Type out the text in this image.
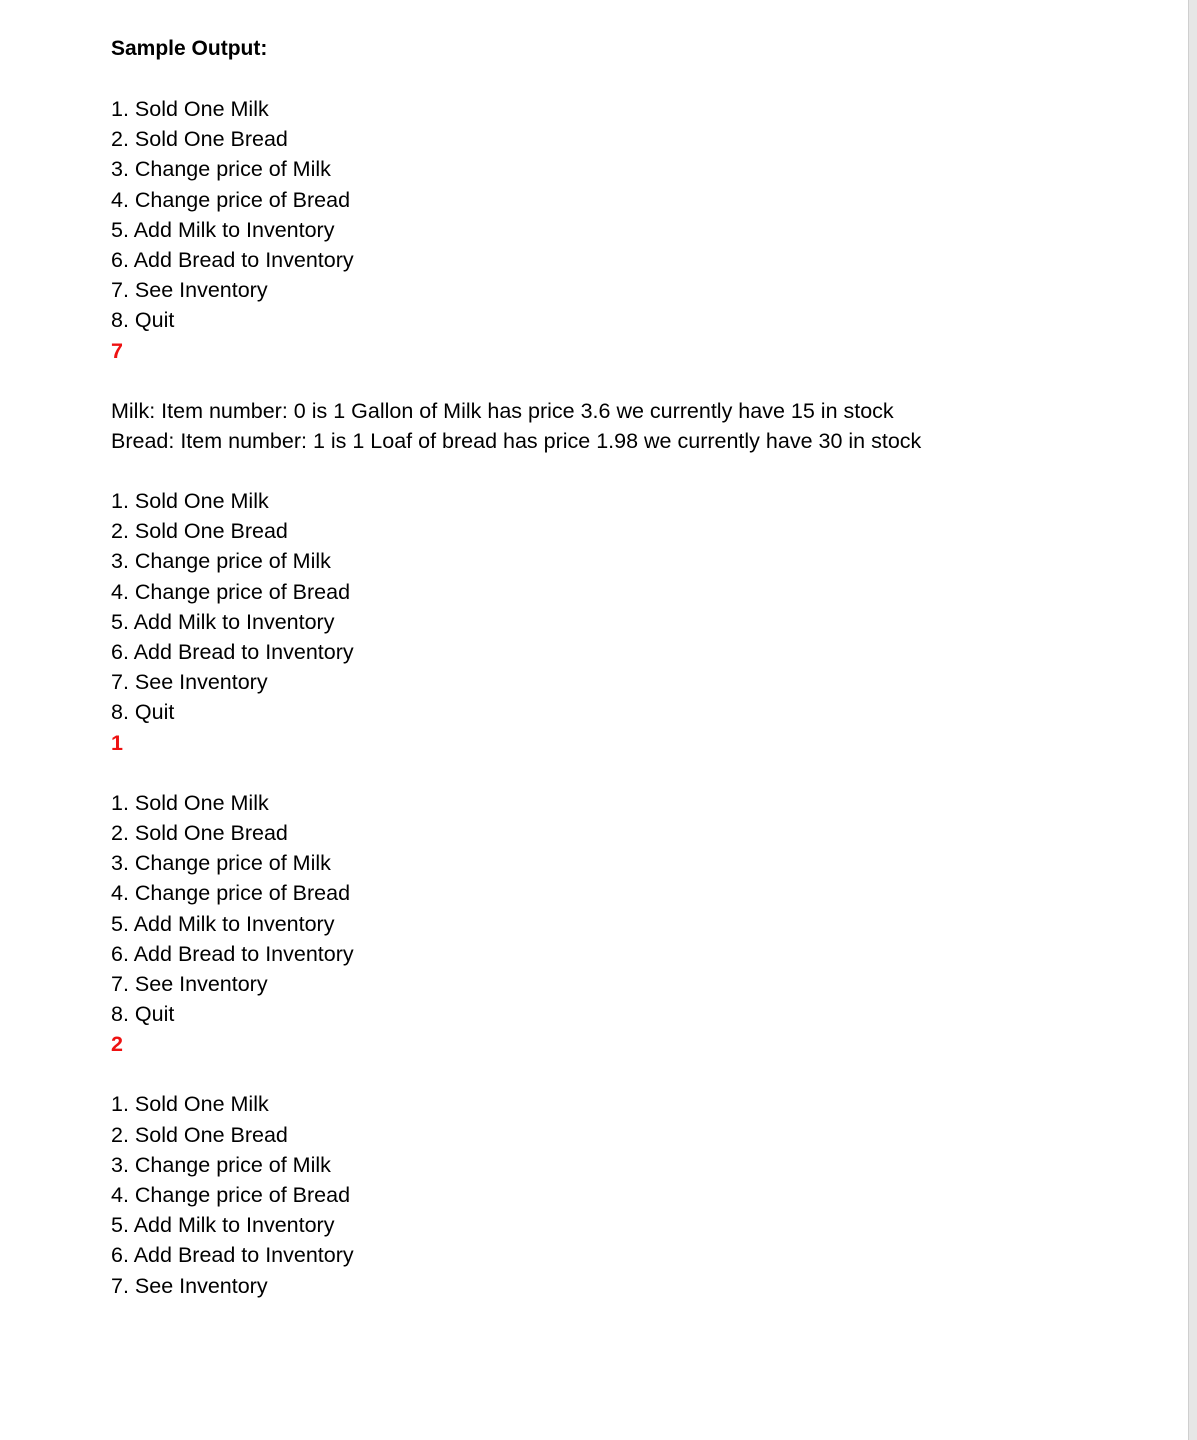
Sample Output:
1. Sold One Milk
2. Sold One Bread
3. Change price of Milk
4. Change price of Bread
5. Add Milk to Inventory
6. Add Bread to Inventory
7. See Inventory
8. Quit
7
Milk: Item number: 0 is 1 Gallon of Milk has price 3.6 we currently have 15 in stock
Bread: Item number: 1 is 1 Loaf of bread has price 1.98 we currently have 30 in stock
1. Sold One Milk
2. Sold One Bread
3. Change price of Milk
4. Change price of Bread
5. Add Milk to Inventory
6. Add Bread to Inventory
7. See Inventory
8. Quit
1
1. Sold One Milk
2. Sold One Bread
3. Change price of Milk
4. Change price of Bread
5. Add Milk to Inventory
6. Add Bread to Inventory
7. See Inventory
8. Quit
2
1. Sold One Milk
2. Sold One Bread
3. Change price of Milk
4. Change price of Bread
5. Add Milk to Inventory
6. Add Bread to Inventory
7. See Inventory
